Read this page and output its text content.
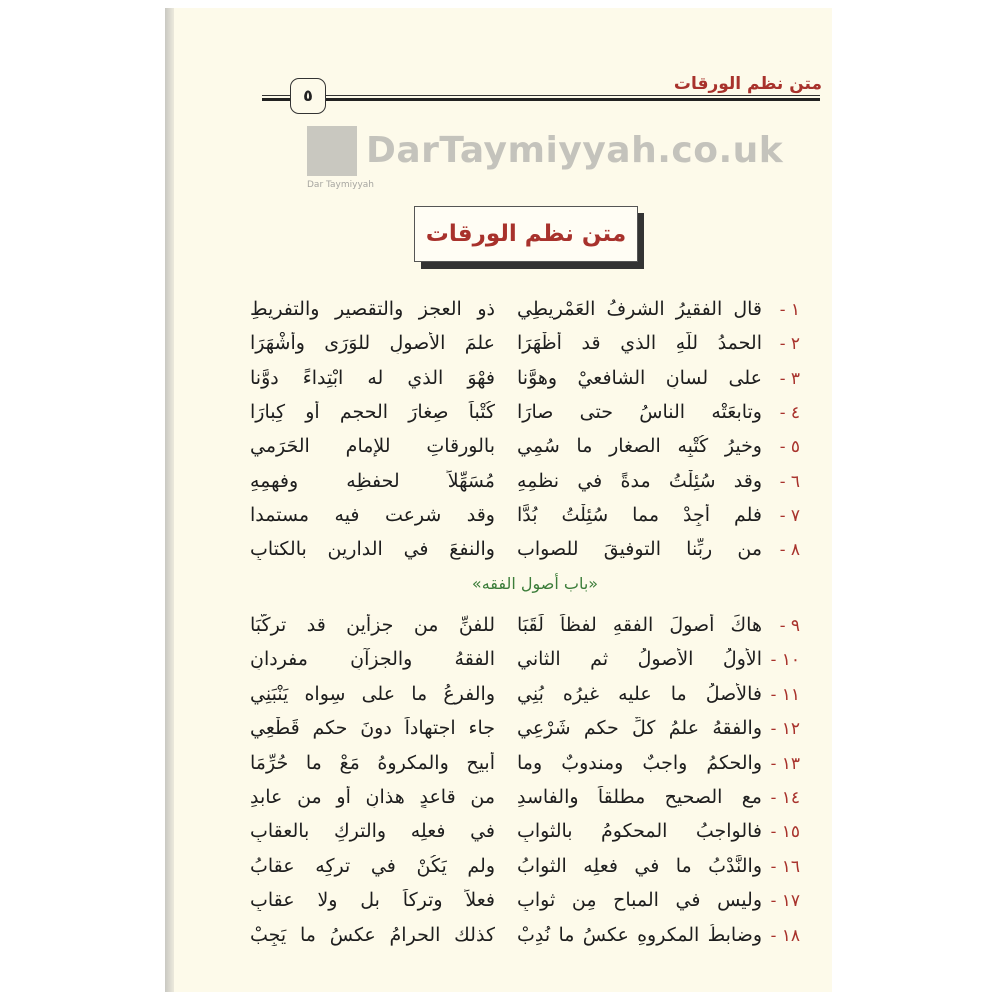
متن نظم الورقات
٥
DarTaymiyyah.co.uk
Dar Taymiyyah
متن نظم الورقات
«باب أصول الفقه»
١ -
قال الفقيرُ الشرفُ العَمْرِيطِي
ذو العجزِ والتقصيرِ والتفريطِ
٢ -
الحمدُ للّهِ الذي قد أظْهَرَا
علمَ الأصولِ للوَرَى وأشْهَرَا
٣ -
على لسانِ الشافعيْ وهوَّنا
فهْوَ الذي له ابْتِداءً دوَّنا
٤ -
وتابعَتْه الناسُ حتى صارَا
كُتْباً صِغارَ الحجمِ أو كِبارَا
٥ -
وخيرُ كُتْبِه الصغارِ ما سُمِي
بالورقاتِ للإمامِ الحَرَمي
٦ -
وقد سُئِلْتُ مدةً في نظمِهِ
مُسَهِّلاً لحفظِه وفهمِهِ
٧ -
فلم أجِدْ مما سُئِلْتُ بُدًّا
وقد شرعت فيه مستمدا
٨ -
من ربِّنا التوفيقَ للصواب
والنفعَ في الدارين بالكتابِ
٩ -
هاكَ أصولَ الفقهِ لفظاً لَقَبَا
للفنِّ من جزأين قد تركَّبَا
١٠ -
الأولُ الأصولُ ثم الثاني
الفقهُ والجزآنِ مفردانِ
١١ -
فالأصلُ ما عليه غيرُه بُنِي
والفرعُ ما على سِواه يَنْبَنِي
١٢ -
والفقهُ علمُ كلِّ حكمٍ شَرْعِي
جاء اجتهاداً دونَ حكمٍ قَطْعِي
١٣ -
والحكمُ واجبٌ ومندوبٌ وما
أُبيح والمكروهُ مَعْ ما حُرِّمَا
١٤ -
مع الصحيحِ مطلقاً والفاسدِ
من قاعدٍ هذانِ أو من عابدِ
١٥ -
فالواجبُ المحكومُ بالثوابِ
في فعلِه والتركِ بالعقابِ
١٦ -
والنَّدْبُ ما في فعلِه الثوابُ
ولم يَكُنْ في تركِه عقابُ
١٧ -
وليس في المباحِ مِن ثوابِ
فعلاً وتركاً بل ولا عقابِ
١٨ -
وضابطُ المكروهِ عكسُ ما نُدِبْ
كذلك الحرامُ عكسُ ما يَجِبْ
